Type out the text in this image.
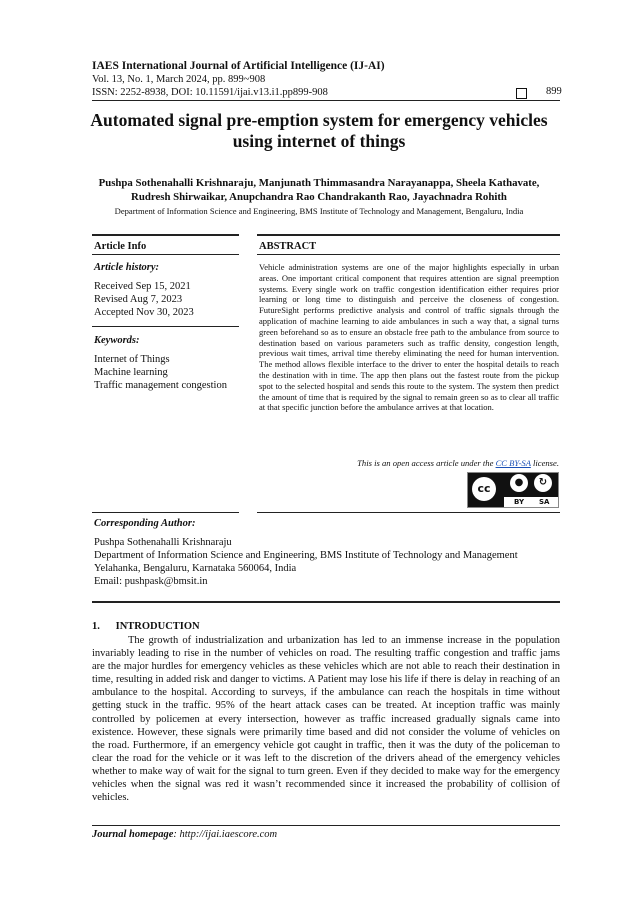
IAES International Journal of Artificial Intelligence (IJ-AI)
Vol. 13, No. 1, March 2024, pp. 899~908
ISSN: 2252-8938, DOI: 10.11591/ijai.v13.i1.pp899-908	899
Automated signal pre-emption system for emergency vehicles
using internet of things
Pushpa Sothenahalli Krishnaraju, Manjunath Thimmasandra Narayanappa, Sheela Kathavate,
Rudresh Shirwaikar, Anupchandra Rao Chandrakanth Rao, Jayachnadra Rohith
Department of Information Science and Engineering, BMS Institute of Technology and Management, Bengaluru, India
Article Info
Article history:
Received Sep 15, 2021
Revised Aug 7, 2023
Accepted Nov 30, 2023
Keywords:
Internet of Things
Machine learning
Traffic management congestion
ABSTRACT
Vehicle administration systems are one of the major highlights especially in urban areas. One important critical component that requires attention are signal preemption systems. Every single work on traffic congestion identification either requires prior learning or long time to distinguish and perceive the closeness of congestion. FutureSight performs predictive analysis and control of traffic signals through the application of machine learning to aide ambulances in such a way that, a signal turns green beforehand so as to ensure an obstacle free path to the ambulance from source to destination based on various parameters such as traffic density, congestion length, previous wait times, arrival time thereby eliminating the need for human intervention. The method allows flexible interface to the driver to enter the hospital details to reach the destination with in time. The app then plans out the fastest route from the pickup spot to the selected hospital and sends this route to the system. The system then predict the amount of time that is required by the signal to remain green so as to clear all traffic at that specific junction before the ambulance arrives at that location.
This is an open access article under the CC BY-SA license.
cc	●	↻
BY SA
Corresponding Author:
Pushpa Sothenahalli Krishnaraju
Department of Information Science and Engineering, BMS Institute of Technology and Management
Yelahanka, Bengaluru, Karnataka 560064, India
Email: pushpask@bmsit.in
1.      INTRODUCTION
The growth of industrialization and urbanization has led to an immense increase in the population invariably leading to rise in the number of vehicles on road. The resulting traffic congestion and traffic jams are the major hurdles for emergency vehicles as these vehicles which are not able to reach their destination in time, resulting in added risk and danger to victims. A Patient may lose his life if there is delay in reaching of an ambulance to the hospital. According to surveys, if the ambulance can reach the hospitals in time without getting stuck in the traffic. 95% of the heart attack cases can be treated. At inception traffic was mainly controlled by policemen at every intersection, however as traffic increased gradually signals came into existence. However, these signals were primarily time based and did not consider the volume of vehicles on the road. Furthermore, if an emergency vehicle got caught in traffic, then it was the duty of the policeman to clear the road for the vehicle or it was left to the discretion of the drivers ahead of the emergency vehicles whether to make way of wait for the signal to turn green. Even if they decided to make way for the emergency vehicles when the signal was red it wasn’t recommended since it increased the probability of collision of vehicles.
Journal homepage: http://ijai.iaescore.com
